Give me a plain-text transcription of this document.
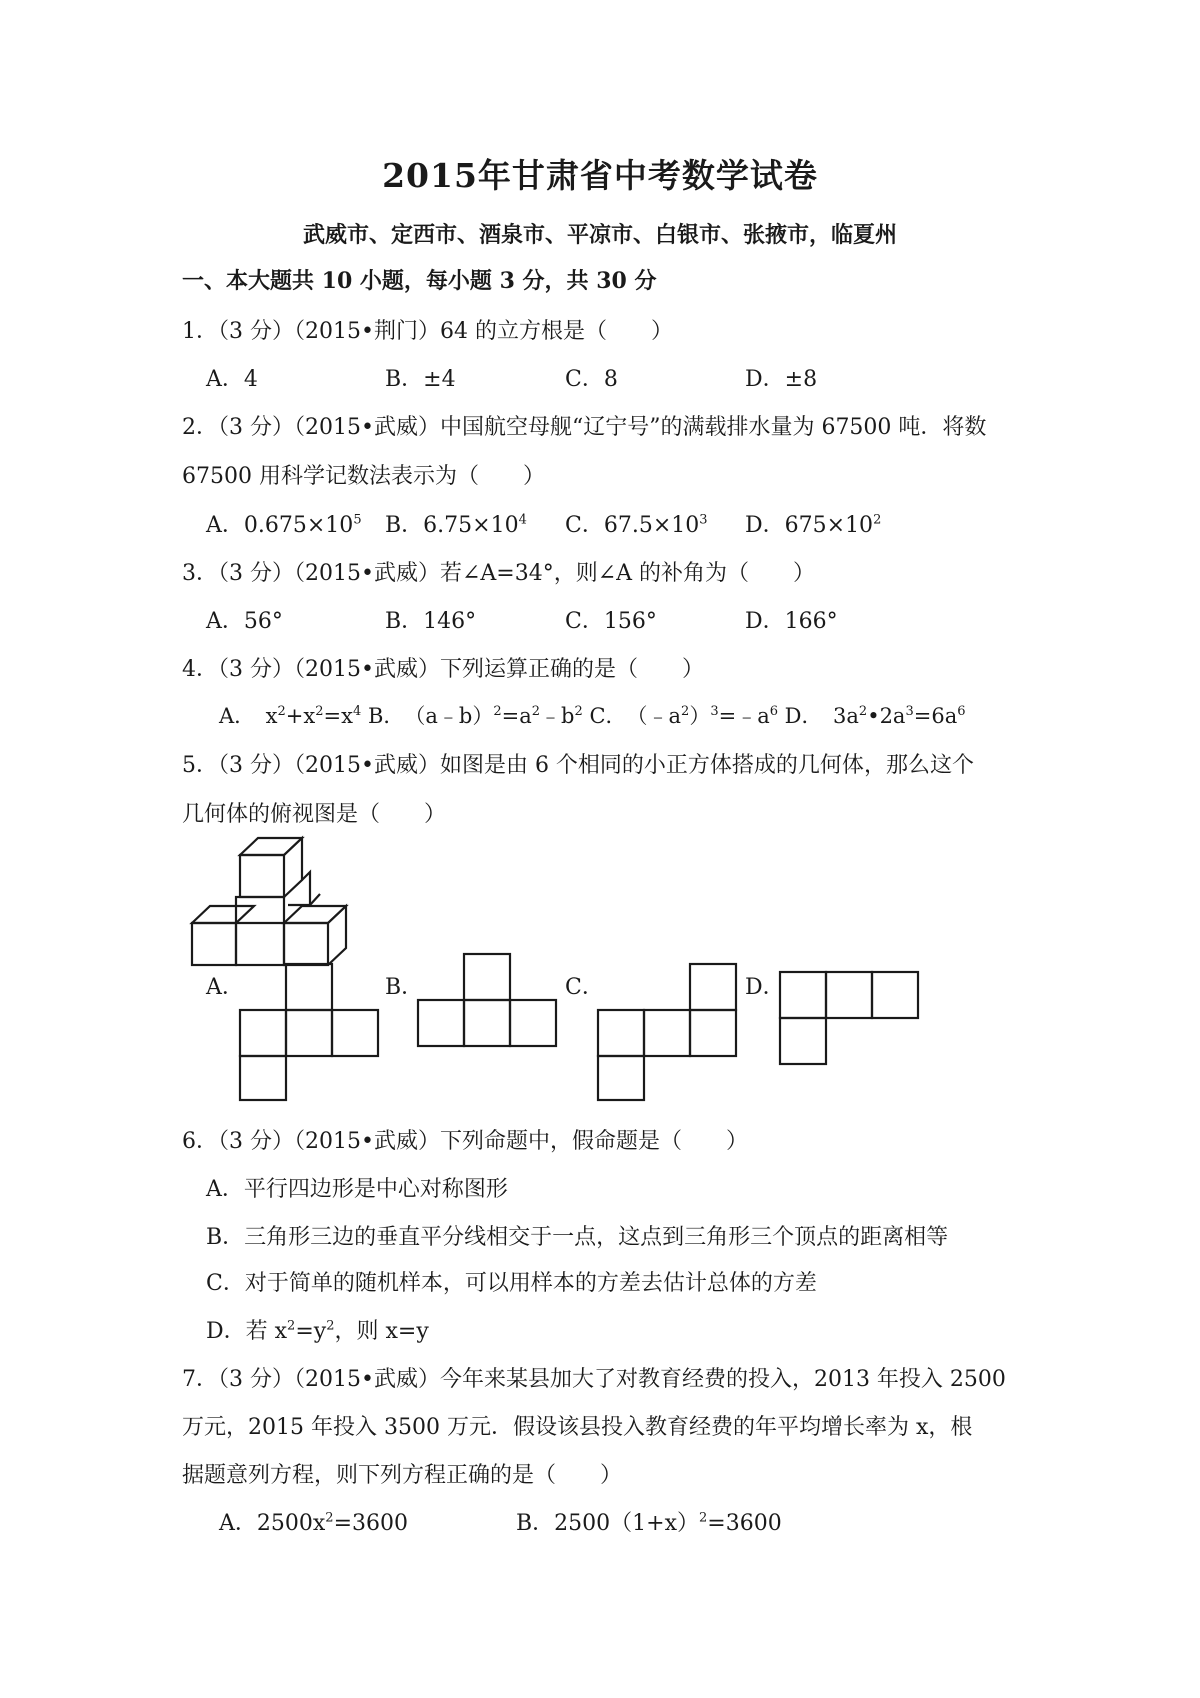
2015年甘肃省中考数学试卷
武威市、定西市、酒泉市、平凉市、白银市、张掖市，临夏州
一、本大题共 10 小题，每小题 3 分，共 30 分
1．（3 分）（2015•荆门）64 的立方根是（　　）
A．4	B．±4	C．8	D．±8
2．（3 分）（2015•武威）中国航空母舰“辽宁号”的满载排水量为 67500 吨．将数
67500 用科学记数法表示为（　　）
A．$0.675\times 10^5$ B．$6.75\times 10^4$ C．$67.5\times 10^3$ D．$675\times 10^2$
3．（3 分）（2015•武威）若∠A=34°，则∠A 的补角为（　　）
A．56°	B．146°	C．156°	D．166°
4．（3 分）（2015•武威）下列运算正确的是（　　）
A．　$x^2+x^2=x^4$ B．　$(a﹣b)^2=a^2﹣b^2$ C．　$(﹣a^2)^3=﹣a^6$ D．　$3a^2•2a^3=6a^6$
5．（3 分）（2015•武威）如图是由 6 个相同的小正方体搭成的几何体，那么这个
几何体的俯视图是（　　）
A．	B．	C．	D．
6．（3 分）（2015•武威）下列命题中，假命题是（　　）
A．平行四边形是中心对称图形
B．三角形三边的垂直平分线相交于一点，这点到三角形三个顶点的距离相等
C．对于简单的随机样本，可以用样本的方差去估计总体的方差
D．若 $x^2=y^2$，则 x=y
7．（3 分）（2015•武威）今年来某县加大了对教育经费的投入，2013 年投入 2500
万元，2015 年投入 3500 万元．假设该县投入教育经费的年平均增长率为 x，根
据题意列方程，则下列方程正确的是（　　）
A．$2500x^2=3600$	B．$2500(1+x)^2=3600$
